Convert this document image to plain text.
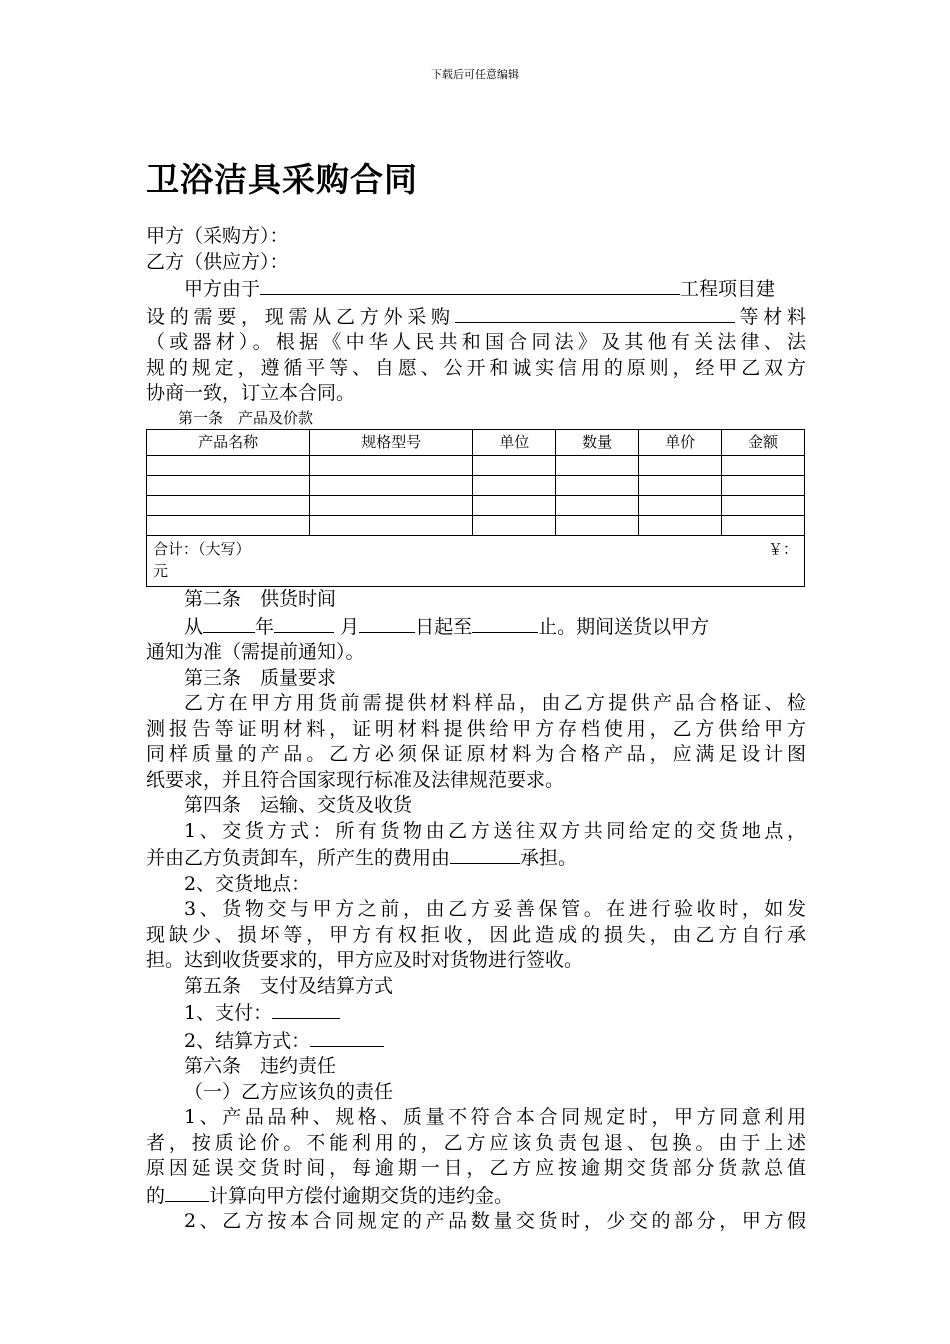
下载后可任意编辑
卫浴洁具采购合同
甲方（采购方）：
乙方（供应方）：
甲方由于	工程项目建
设的需要，现需从乙方外采购	等材料
（或器材）。根据《中华人民共和国合同法》及其他有关法律、法
规的规定，遵循平等、自愿、公开和诚实信用的原则，经甲乙双方
协商一致，订立本合同。
第一条　产品及价款
产品名称	规格型号	单位	数量	单价	金额

合计：（大写） ￥：
元					
第二条　供货时间
从	年	月	日起至	止。期间送货以甲方
通知为准（需提前通知）。
第三条　质量要求
乙方在甲方用货前需提供材料样品，由乙方提供产品合格证、检
测报告等证明材料，证明材料提供给甲方存档使用，乙方供给甲方
同样质量的产品。乙方必须保证原材料为合格产品，应满足设计图
纸要求，并且符合国家现行标准及法律规范要求。
第四条　运输、交货及收货
1、交货方式：所有货物由乙方送往双方共同给定的交货地点，
并由乙方负责卸车，所产生的费用由	承担。
2、交货地点：
3、货物交与甲方之前，由乙方妥善保管。在进行验收时，如发
现缺少、损坏等，甲方有权拒收，因此造成的损失，由乙方自行承
担。达到收货要求的，甲方应及时对货物进行签收。
第五条　支付及结算方式
1、支付：
2、结算方式：
第六条　违约责任
（一）乙方应该负的责任
1、产品品种、规格、质量不符合本合同规定时，甲方同意利用
者，按质论价。不能利用的，乙方应该负责包退、包换。由于上述
原因延误交货时间，每逾期一日，乙方应按逾期交货部分货款总值
的 计算向甲方偿付逾期交货的违约金。
2、乙方按本合同规定的产品数量交货时，少交的部分，甲方假
